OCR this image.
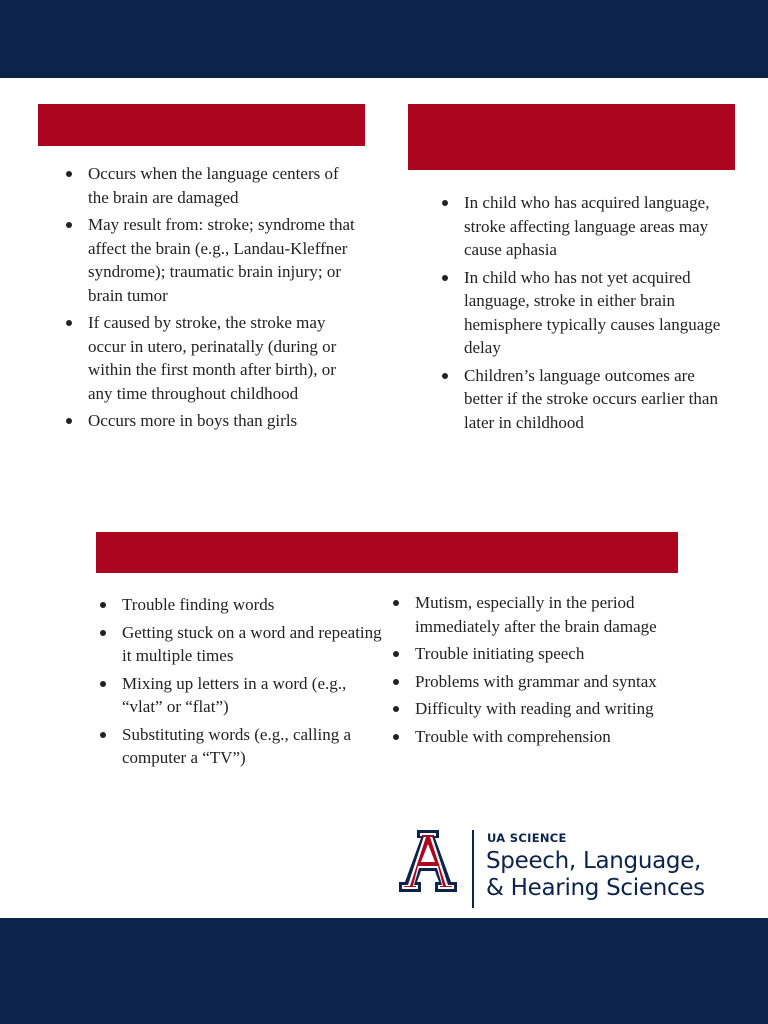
Occurs when the language centers of the brain are damaged
May result from: stroke; syndrome that affect the brain (e.g., Landau-Kleffner syndrome); traumatic brain injury; or brain tumor
If caused by stroke, the stroke may occur in utero, perinatally (during or within the first month after birth), or any time throughout childhood
Occurs more in boys than girls
In child who has acquired language, stroke affecting language areas may cause aphasia
In child who has not yet acquired language, stroke in either brain hemisphere typically causes language delay
Children’s language outcomes are better if the stroke occurs earlier than later in childhood
Trouble finding words
Getting stuck on a word and repeating it multiple times
Mixing up letters in a word (e.g., “vlat” or “flat”)
Substituting words (e.g., calling a computer a “TV”)
Mutism, especially in the period immediately after the brain damage
Trouble initiating speech
Problems with grammar and syntax
Difficulty with reading and writing
Trouble with comprehension
UA SCIENCE
Speech, Language,
& Hearing Sciences
